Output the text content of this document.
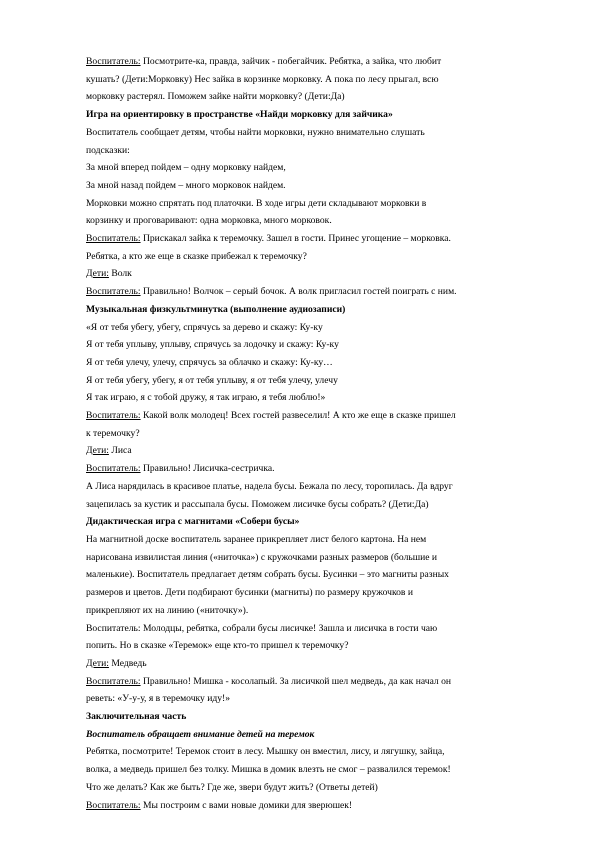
Воспитатель: Посмотрите-ка, правда, зайчик - побегайчик. Ребятка, а зайка, что любит
кушать? (Дети:Морковку) Нес зайка в корзинке морковку. А пока по лесу прыгал, всю
морковку растерял. Поможем зайке найти морковку? (Дети:Да)
Игра на ориентировку в пространстве «Найди морковку для зайчика»
Воспитатель сообщает детям, чтобы найти морковки, нужно внимательно слушать
подсказки:
За мной вперед пойдем – одну морковку найдем,
За мной назад пойдем – много морковок найдем.
Морковки можно спрятать под платочки. В ходе игры дети складывают морковки в
корзинку и проговаривают: одна морковка, много морковок.
Воспитатель: Прискакал зайка к теремочку. Зашел в гости. Принес угощение – морковка.
Ребятка, а кто же еще в сказке прибежал к теремочку?
Дети: Волк
Воспитатель: Правильно! Волчок – серый бочок. А волк пригласил гостей поиграть с ним.
Музыкальная физкультминутка (выполнение аудиозаписи)
«Я от тебя убегу, убегу, спрячусь за дерево и скажу: Ку-ку
Я от тебя уплыву, уплыву, спрячусь за лодочку и скажу: Ку-ку
Я от тебя улечу, улечу, спрячусь за облачко и скажу: Ку-ку…
Я от тебя убегу, убегу, я от тебя уплыву, я от тебя улечу, улечу
Я так играю, я с тобой дружу, я так играю, я тебя люблю!»
Воспитатель: Какой волк молодец! Всех гостей развеселил! А кто же еще в сказке пришел
к теремочку?
Дети: Лиса
Воспитатель: Правильно! Лисичка-сестричка.
А Лиса нарядилась в красивое платье, надела бусы. Бежала по лесу, торопилась. Да вдруг
зацепилась за кустик и рассыпала бусы. Поможем лисичке бусы собрать? (Дети:Да)
Дидактическая игра с магнитами «Собери бусы»
На магнитной доске воспитатель заранее прикрепляет лист белого картона. На нем
нарисована извилистая линия («ниточка») с кружочками разных размеров (большие и
маленькие). Воспитатель предлагает детям собрать бусы. Бусинки – это магниты разных
размеров и цветов. Дети подбирают бусинки (магниты) по размеру кружочков и
прикрепляют их на линию («ниточку»).
Воспитатель: Молодцы, ребятка, собрали бусы лисичке! Зашла и лисичка в гости чаю
попить. Но в сказке «Теремок» еще кто-то пришел к теремочку?
Дети: Медведь
Воспитатель: Правильно! Мишка - косолапый. За лисичкой шел медведь, да как начал он
реветь: «У-у-у, я в теремочку иду!»
Заключительная часть
Воспитатель обращает внимание детей на теремок
Ребятка, посмотрите! Теремок стоит в лесу. Мышку он вместил, лису, и лягушку, зайца,
волка, а медведь пришел без толку. Мишка в домик влезть не смог – развалился теремок!
Что же делать? Как же быть? Где же, звери будут жить? (Ответы детей)
Воспитатель: Мы построим с вами новые домики для зверюшек!
